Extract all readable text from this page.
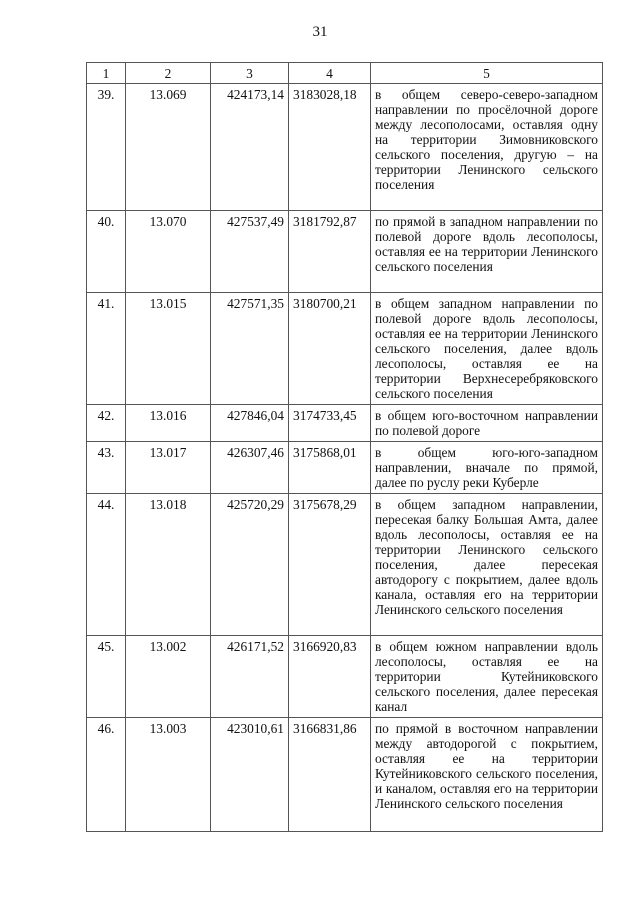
31
1	2	3	4	5
39.	13.069	424173,14	3183028,18	в общем северо-северо-западном направлении по просёлочной дороге между лесополосами, оставляя одну на территории Зимовниковского сельского поселения, другую – на территории Ленинского сельского поселения
40.	13.070	427537,49	3181792,87	по прямой в западном направлении по полевой дороге вдоль лесополосы, оставляя ее на территории Ленинского сельского поселения
41.	13.015	427571,35	3180700,21	в общем западном направлении по полевой дороге вдоль лесополосы, оставляя ее на территории Ленинского сельского поселения, далее вдоль лесополосы, оставляя ее на территории Верхнесеребряковского сельского поселения
42.	13.016	427846,04	3174733,45	в общем юго-восточном направлении по полевой дороге
43.	13.017	426307,46	3175868,01	в общем юго-юго-западном направлении, вначале по прямой, далее по руслу реки Куберле
44.	13.018	425720,29	3175678,29	в общем западном направлении, пересекая балку Большая Амта, далее вдоль лесополосы, оставляя ее на территории Ленинского сельского поселения, далее пересекая автодорогу с покрытием, далее вдоль канала, оставляя его на территории Ленинского сельского поселения
45.	13.002	426171,52	3166920,83	в общем южном направлении вдоль лесополосы, оставляя ее на территории Кутейниковского сельского поселения, далее пересекая канал
46.	13.003	423010,61	3166831,86	по прямой в восточном направлении между автодорогой с покрытием, оставляя ее на территории Кутейниковского сельского поселения, и каналом, оставляя его на территории Ленинского сельского поселения
